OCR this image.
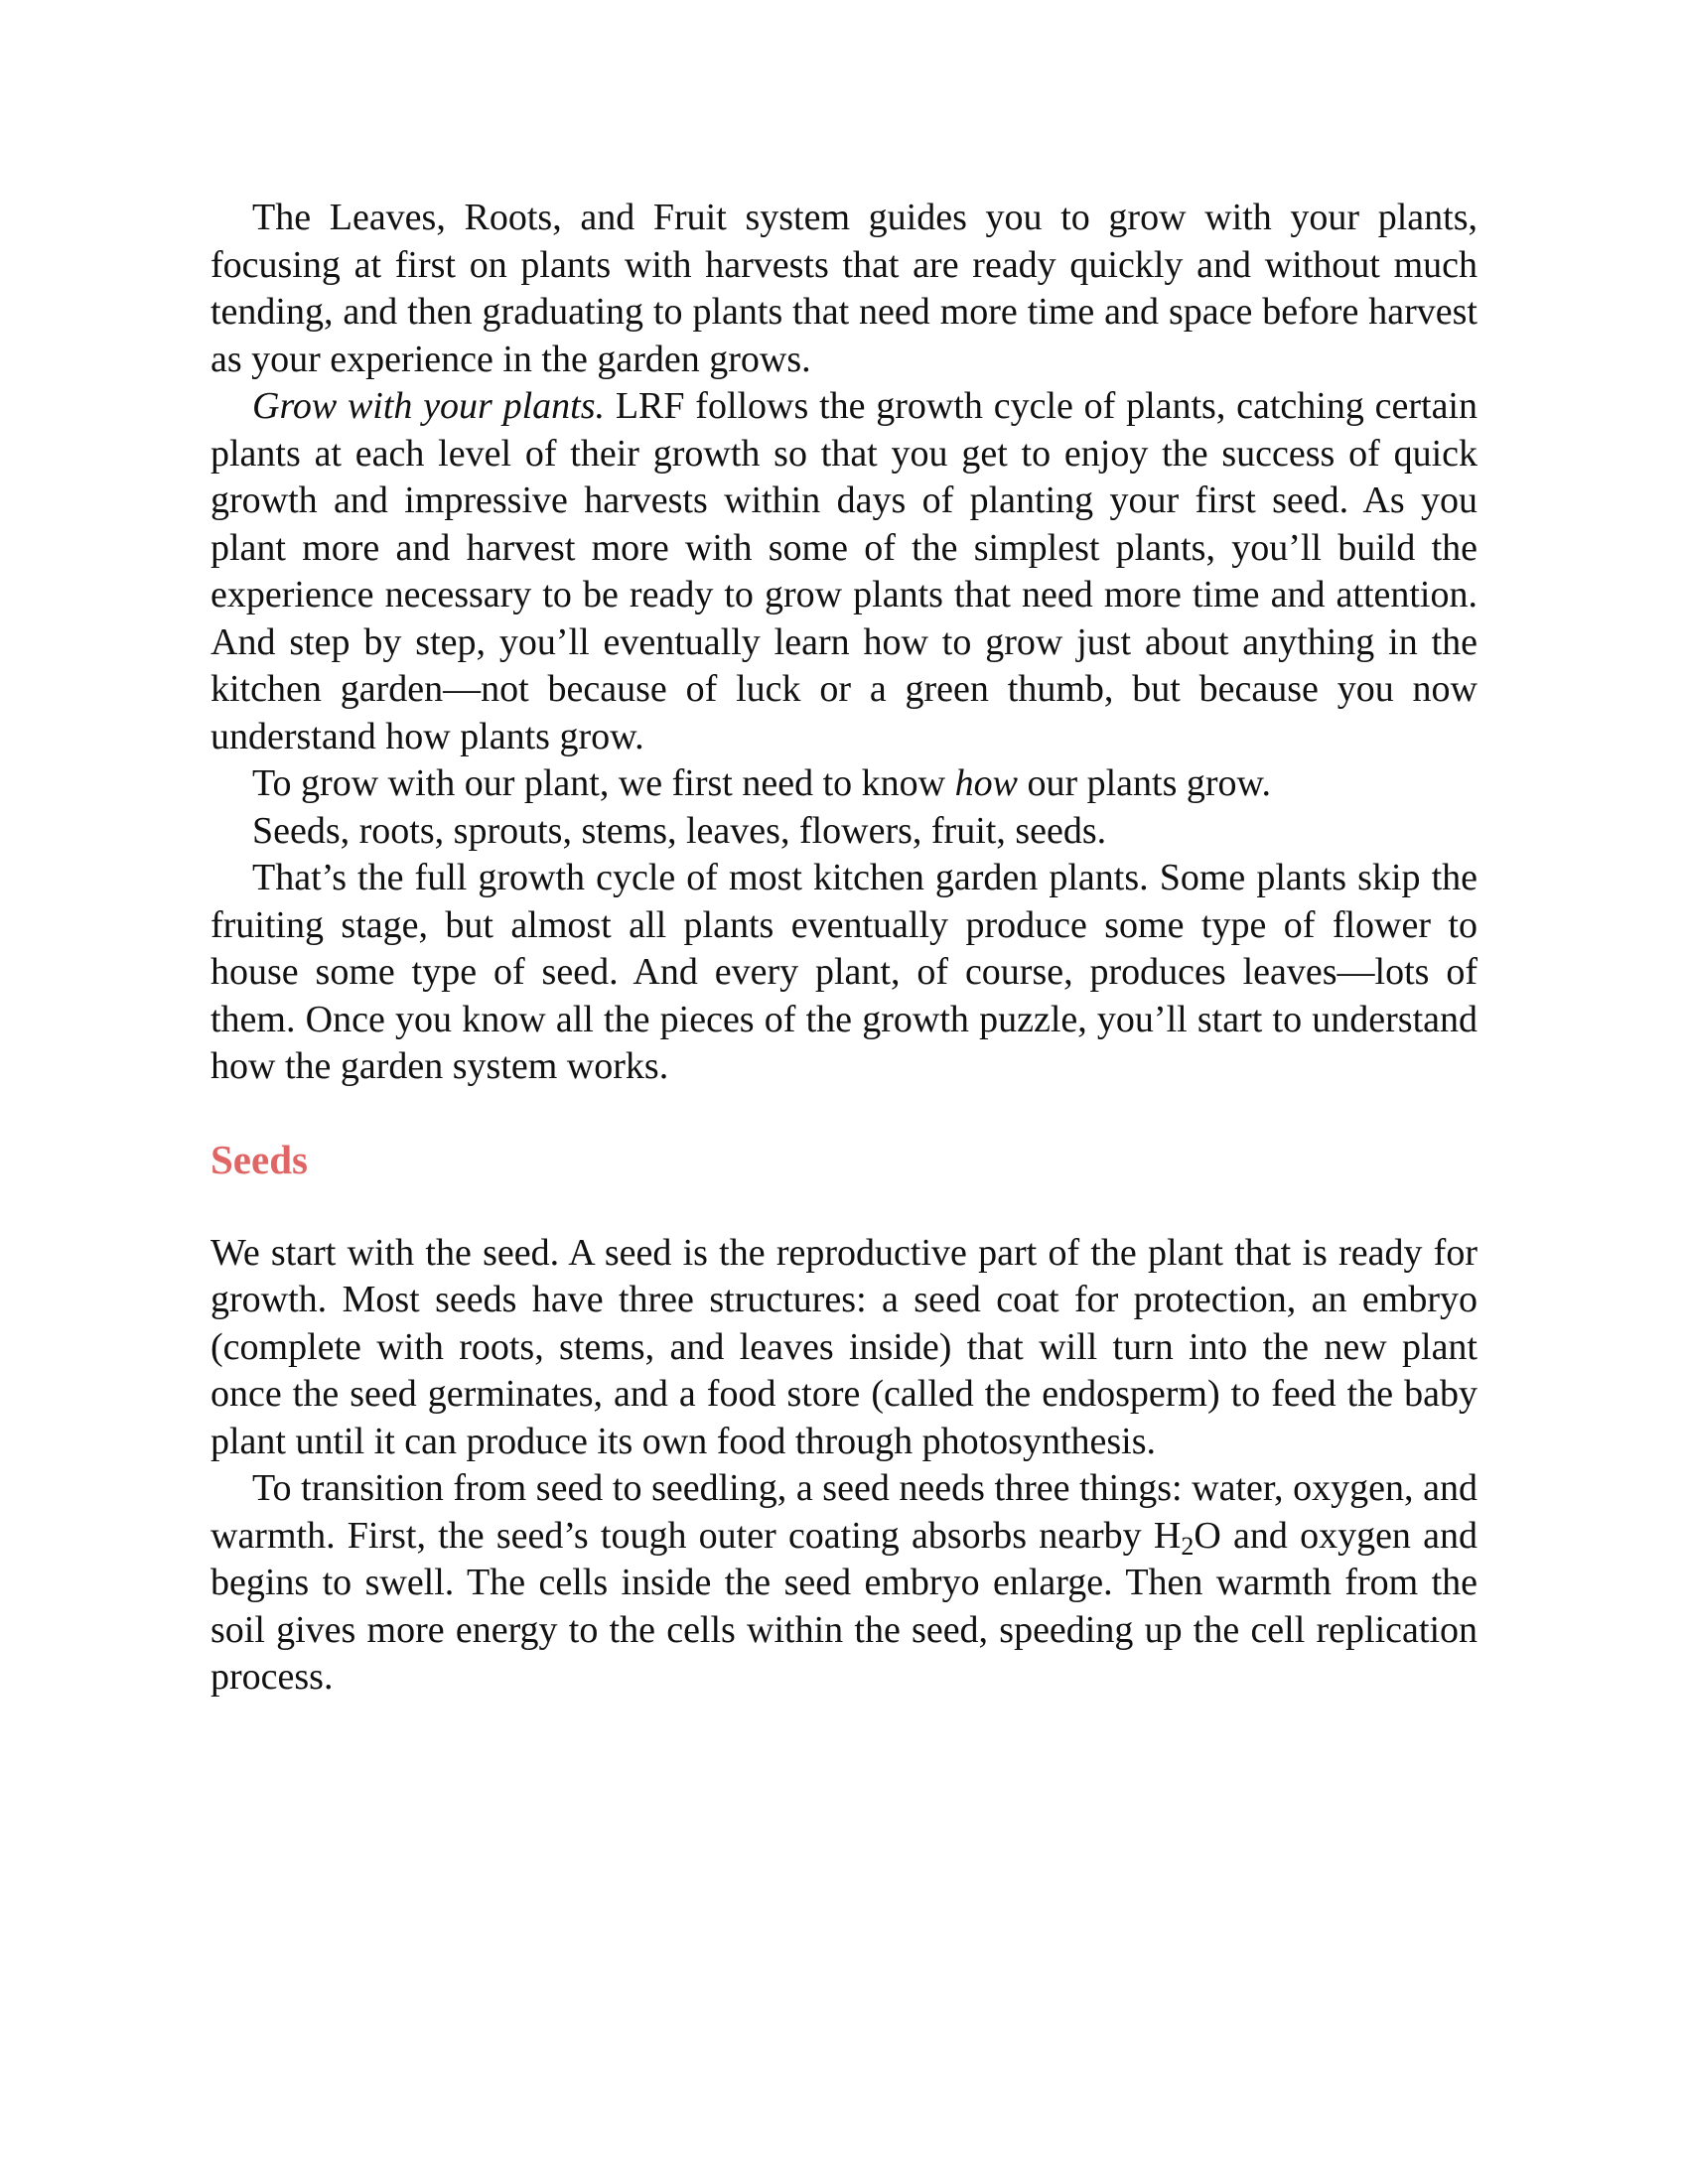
The Leaves, Roots, and Fruit system guides you to grow with your plants, focusing at first on plants with harvests that are ready quickly and without much tending, and then graduating to plants that need more time and space before harvest as your experience in the garden grows.

Grow with your plants. LRF follows the growth cycle of plants, catching certain plants at each level of their growth so that you get to enjoy the success of quick growth and impressive harvests within days of planting your first seed. As you plant more and harvest more with some of the simplest plants, you’ll build the experience necessary to be ready to grow plants that need more time and attention. And step by step, you’ll eventually learn how to grow just about anything in the kitchen garden—not because of luck or a green thumb, but because you now understand how plants grow.

To grow with our plant, we first need to know how our plants grow.

Seeds, roots, sprouts, stems, leaves, flowers, fruit, seeds.

That’s the full growth cycle of most kitchen garden plants. Some plants skip the fruiting stage, but almost all plants eventually produce some type of flower to house some type of seed. And every plant, of course, produces leaves—lots of them. Once you know all the pieces of the growth puzzle, you’ll start to understand how the garden system works.

Seeds

We start with the seed. A seed is the reproductive part of the plant that is ready for growth. Most seeds have three structures: a seed coat for protection, an embryo (complete with roots, stems, and leaves inside) that will turn into the new plant once the seed germinates, and a food store (called the endosperm) to feed the baby plant until it can produce its own food through photosynthesis.

To transition from seed to seedling, a seed needs three things: water, oxygen, and warmth. First, the seed’s tough outer coating absorbs nearby $H_2O$ and oxygen and begins to swell. The cells inside the seed embryo enlarge. Then warmth from the soil gives more energy to the cells within the seed, speeding up the cell replication process.
